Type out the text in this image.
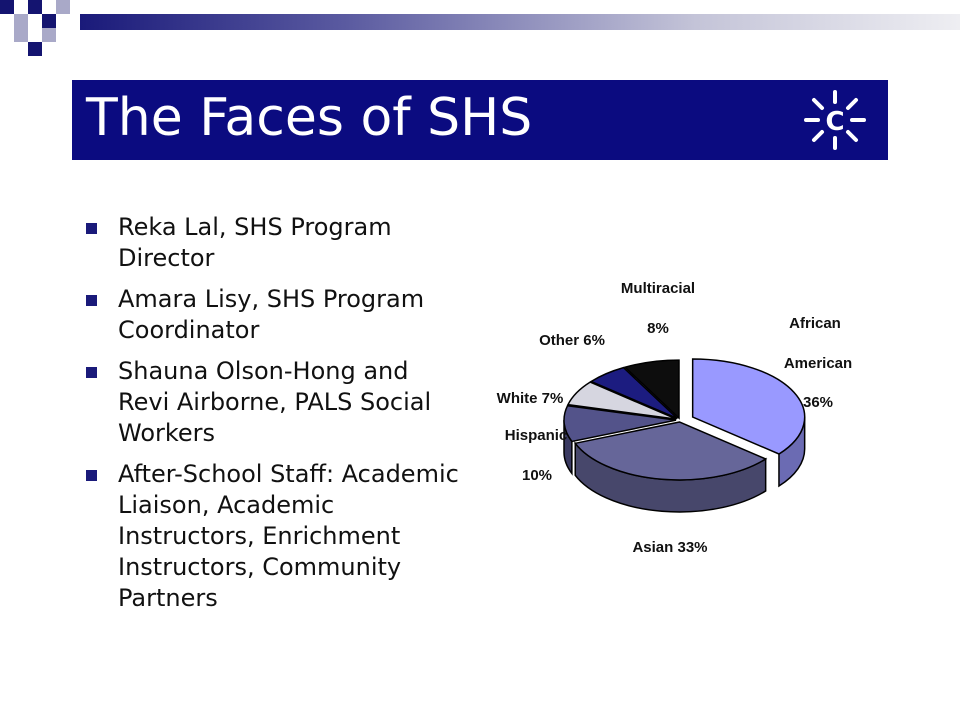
The Faces of SHS	C
Reka Lal, SHS Program Director
Amara Lisy, SHS Program Coordinator
Shauna Olson-Hong and Revi Airborne, PALS Social Workers
After-School Staff: Academic Liaison, Academic Instructors, Enrichment Instructors, Community Partners
Multiracial
8%
Other 6%
African
American
36%
White 7%
Hispanic
10%
Asian 33%
